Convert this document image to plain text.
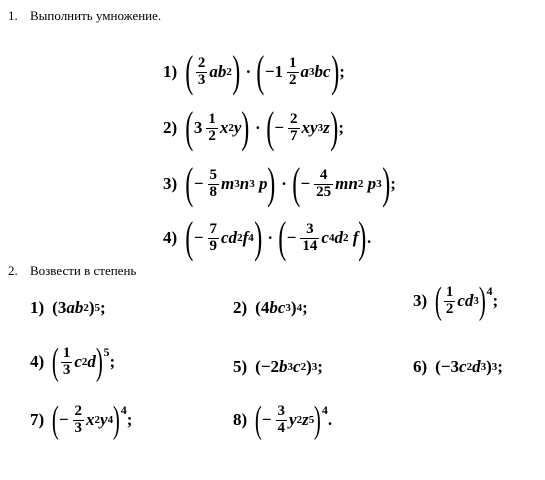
1. Выполнить умножение.
1) ( $\frac{2}{3}$ ab 2 ) · ( $-1 \frac{1}{2}$ a 3 bc ) ;
2) ( $3 \frac{1}{2}$ x 2 y ) · ( − $\frac{2}{7}$ xy 3 z ) ;
3) ( − $\frac{5}{8}$ m 3 n 3
p ) · ( − $\frac{4}{25}$ mn 2
p 3 ) ;
4) ( − $\frac{7}{9}$ cd 2 f 4 ) · ( − $\frac{3}{14}$ c 4 d 2
f ) .
2. Возвести в степень
1) (3 ab 2 ) 5 ;	2) (4 bc 3 ) 4 ;	3) ( $\frac{1}{2}$ cd 3 ) 4 ;
4) ( $\frac{1}{3}$ c 2 d ) 5 ;	5) (−2 b 3 c 2 ) 3 ;	6) (−3 c 2 d 3 ) 3 ;
7) ( − $\frac{2}{3}$ x 2 y 4 ) 4 ;	8) ( − $\frac{3}{4}$ y 2 z 5 ) 4 .
